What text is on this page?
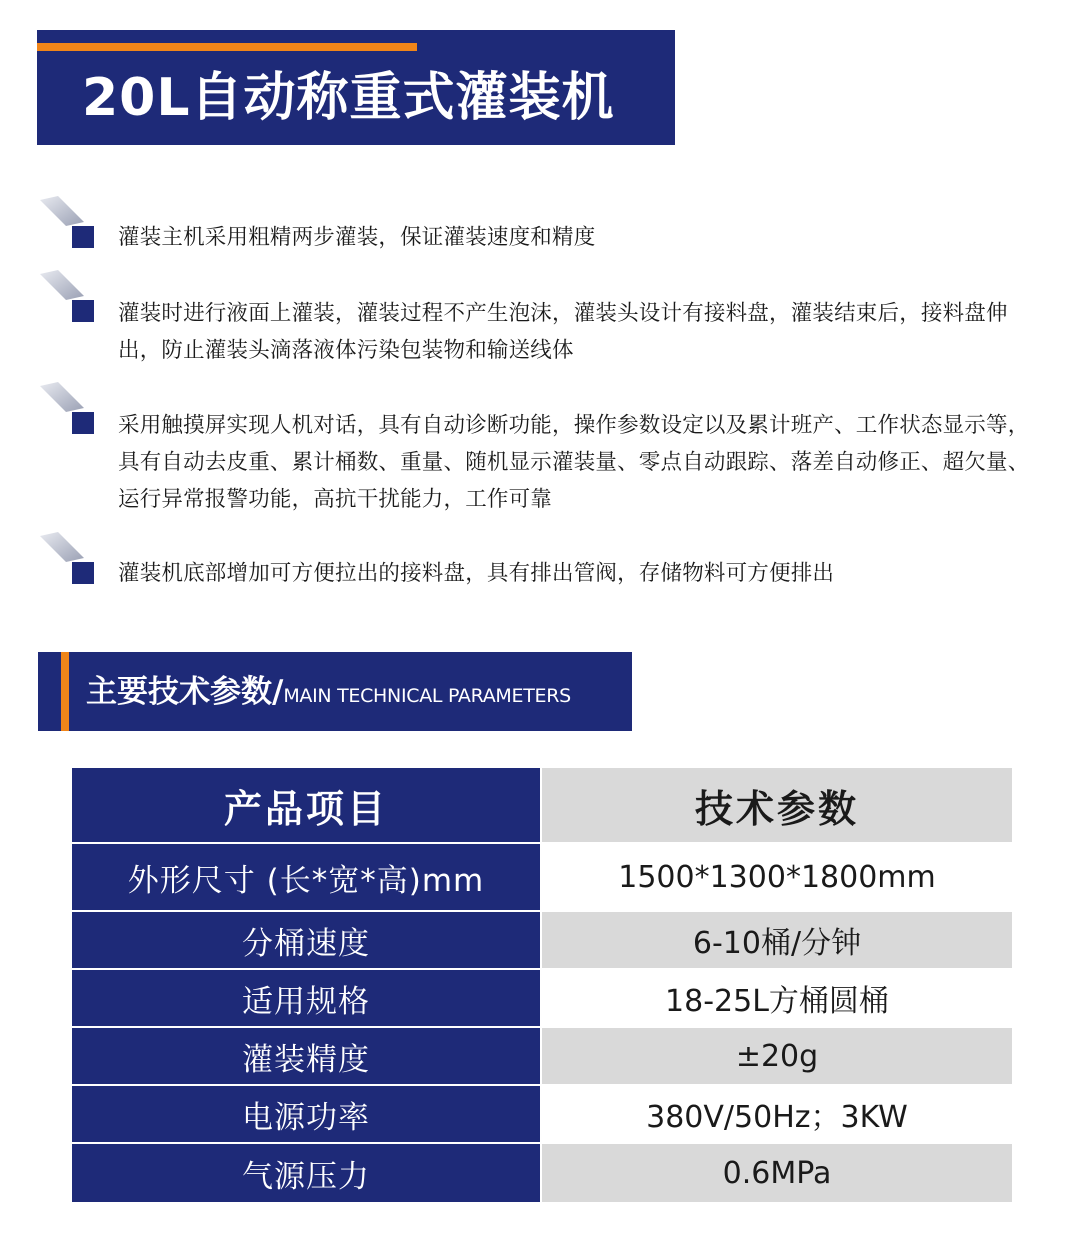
20L自动称重式灌装机
灌装主机采用粗精两步灌装，保证灌装速度和精度
灌装时进行液面上灌装，灌装过程不产生泡沫，灌装头设计有接料盘，灌装结束后，接料盘伸出，防止灌装头滴落液体污染包装物和输送线体
采用触摸屏实现人机对话，具有自动诊断功能，操作参数设定以及累计班产、工作状态显示等，具有自动去皮重、累计桶数、重量、随机显示灌装量、零点自动跟踪、落差自动修正、超欠量、运行异常报警功能，高抗干扰能力，工作可靠
灌装机底部增加可方便拉出的接料盘，具有排出管阀，存储物料可方便排出
主要技术参数/MAIN TECHNICAL PARAMETERS
产品项目	技术参数
外形尺寸 (长*宽*高)mm	1500*1300*1800mm
分桶速度	6-10桶/分钟
适用规格	18-25L方桶圆桶
灌装精度	±20g
电源功率	380V/50Hz；3KW
气源压力	0.6MPa
